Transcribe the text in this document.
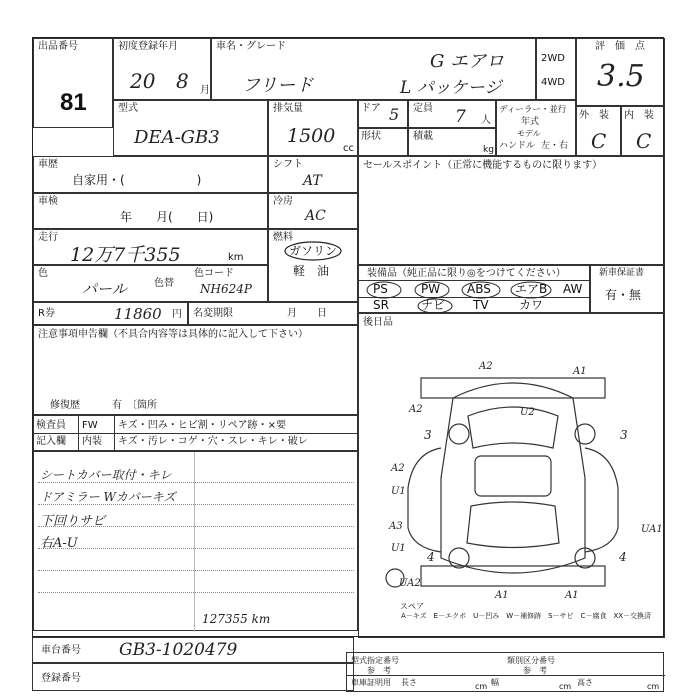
出品番号
81
初度登録年月
20 8 月
車名・グレード
フリード
G エアロ
L パッケージ
2WD
4WD
評　価　点
3.5
型式
DEA-GB3
排気量
1500
cc
ドア 5 定員 7 人
形状	積載
kg
ディーラー・並行
年式
モデル
ハンドル 左・右
外　装
C
内　装
C
車歴
自家用・(　　　　　　)
車検
年　　月(　　日)
走行
12万7千355	km
色
パール	色替
色コード
NH624P
シフト
AT
冷房
AC
燃料
ガソリン
軽　油
R券	11860 円 名変期限	月　　日
セールスポイント（正常に機能するものに限ります）
装備品（純正品に限り◎をつけてください）
PS	PW ABS エアB AW
SR	ナビ TV	カワ
新車保証書
有・無
後日品
注意事項申告欄（不具合内容等は具体的に記入して下さい）
修復歴	有　〔箇所
検査員
記入欄
FW
内装
キズ・凹み・ヒビ割・リペア跡・×要
キズ・汚レ・コゲ・穴・スレ・キレ・破レ
シートカバー取付・キレ
ドアミラー Wカバーキズ
下回りサビ
右A-U
127355 km
A2	A1
A2	U2
3	3
A2
U1
A3
U1
UA1
4	4
UA2
A1	A1
スペア
A－キズ　E－エクボ　U－凹み　W－補修跡　S－サビ　C－腐食　XX－交換済
車台番号 GB3-1020479
登録番号
型式指定番号
参　考
類別区分番号
参　考
車庫証明用 長さ	cm 幅	cm 高さ	cm
